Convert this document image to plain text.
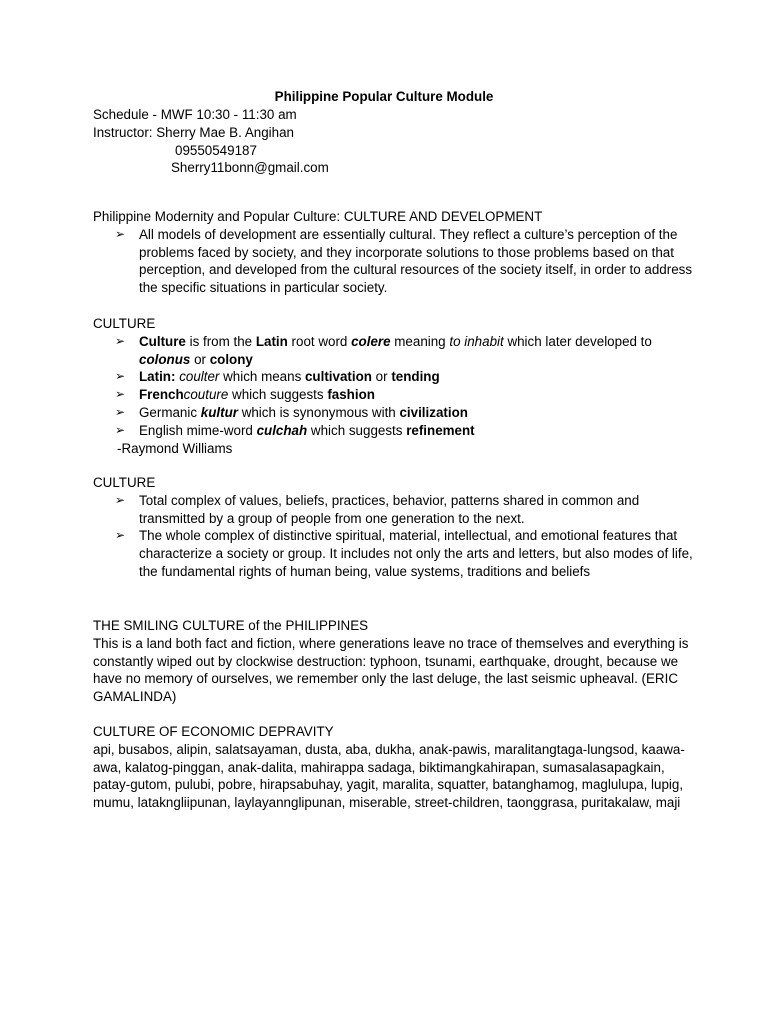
Philippine Popular Culture Module
Schedule - MWF 10:30 - 11:30 am
Instructor: Sherry Mae B. Angihan
09550549187
Sherry11bonn@gmail.com
Philippine Modernity and Popular Culture: CULTURE AND DEVELOPMENT
➢ All models of development are essentially cultural. They reflect a culture’s perception of the problems faced by society, and they incorporate solutions to those problems based on that perception, and developed from the cultural resources of the society itself, in order to address the specific situations in particular society.
CULTURE
➢ Culture is from the Latin root word colere meaning to inhabit which later developed to colonus or colony
➢ Latin: coulter which means cultivation or tending
➢ Frenchcouture which suggests fashion
➢ Germanic kultur which is synonymous with civilization
➢ English mime-word culchah which suggests refinement
-Raymond Williams
CULTURE
➢ Total complex of values, beliefs, practices, behavior, patterns shared in common and transmitted by a group of people from one generation to the next.
➢ The whole complex of distinctive spiritual, material, intellectual, and emotional features that characterize a society or group. It includes not only the arts and letters, but also modes of life, the fundamental rights of human being, value systems, traditions and beliefs
THE SMILING CULTURE of the PHILIPPINES
This is a land both fact and fiction, where generations leave no trace of themselves and everything is constantly wiped out by clockwise destruction: typhoon, tsunami, earthquake, drought, because we have no memory of ourselves, we remember only the last deluge, the last seismic upheaval. (ERIC GAMALINDA)
CULTURE OF ECONOMIC DEPRAVITY
api, busabos, alipin, salatsayaman, dusta, aba, dukha, anak-pawis, maralitangtaga-lungsod, kaawa-awa, kalatog-pinggan, anak-dalita, mahirappa sadaga, biktimangkahirapan, sumasalasapagkain, patay-gutom, pulubi, pobre, hirapsabuhay, yagit, maralita, squatter, batanghamog, maglulupa, lupig, mumu, latakngliipunan, laylayannglipunan, miserable, street-children, taonggrasa, puritakalaw, maji
